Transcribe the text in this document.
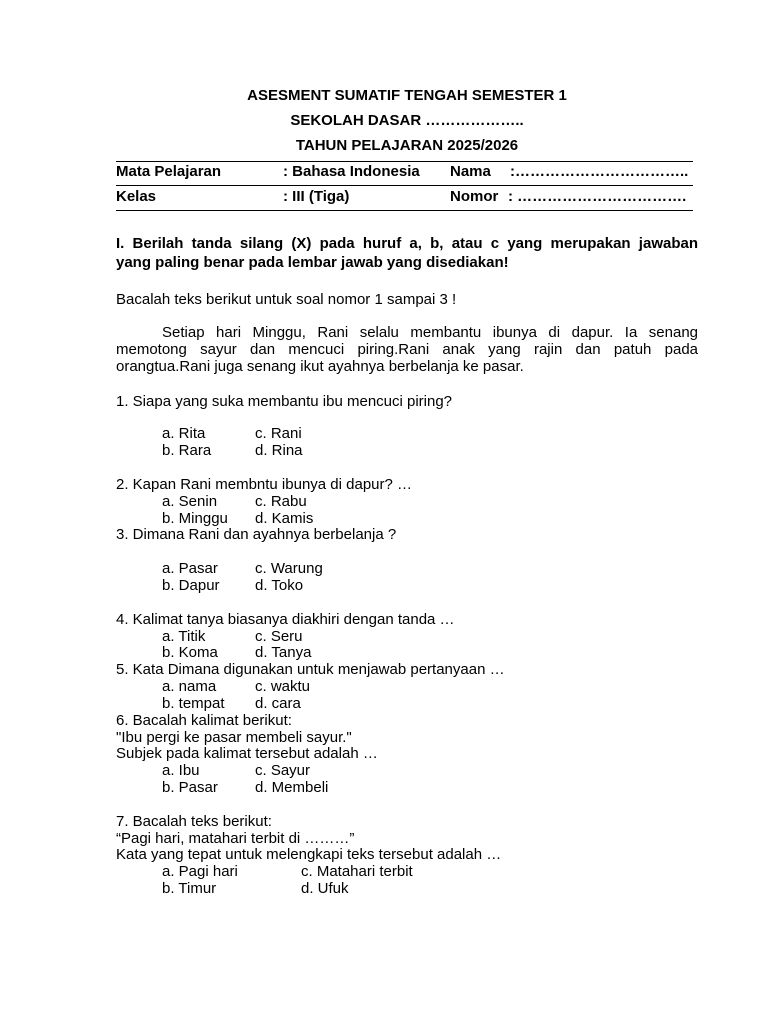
ASESMENT SUMATIF TENGAH SEMESTER 1
SEKOLAH DASAR ………………..
TAHUN PELAJARAN 2025/2026
Mata Pelajaran	: Bahasa Indonesia Nama :……………………………..
Kelas	: III (Tiga)	Nomor : …………………………….
I. Berilah tanda silang (X) pada huruf a, b, atau c yang merupakan jawaban
yang paling benar pada lembar jawab yang disediakan!
Bacalah teks berikut untuk soal nomor 1 sampai 3 !
Setiap hari Minggu, Rani selalu membantu ibunya di dapur. Ia senang
memotong sayur dan mencuci piring.Rani anak yang rajin dan patuh pada
orangtua.Rani juga senang ikut ayahnya berbelanja ke pasar.
1. Siapa yang suka membantu ibu mencuci piring?
a. Rita	c. Rani
b. Rara	d. Rina
2. Kapan Rani membntu ibunya di dapur? …
a. Senin	c. Rabu
b. Minggu d. Kamis
3. Dimana Rani dan ayahnya berbelanja ?
a. Pasar c. Warung
b. Dapur d. Toko
4. Kalimat tanya biasanya diakhiri dengan tanda …
a. Titik	c. Seru
b. Koma d. Tanya
5. Kata Dimana digunakan untuk menjawab pertanyaan …
a. nama	c. waktu
b. tempat d. cara
6. Bacalah kalimat berikut:
"Ibu pergi ke pasar membeli sayur."
Subjek pada kalimat tersebut adalah …
a. Ibu	c. Sayur
b. Pasar d. Membeli
7. Bacalah teks berikut:
“Pagi hari, matahari terbit di ………”
Kata yang tepat untuk melengkapi teks tersebut adalah …
a. Pagi hari	c. Matahari terbit
b. Timur	d. Ufuk
